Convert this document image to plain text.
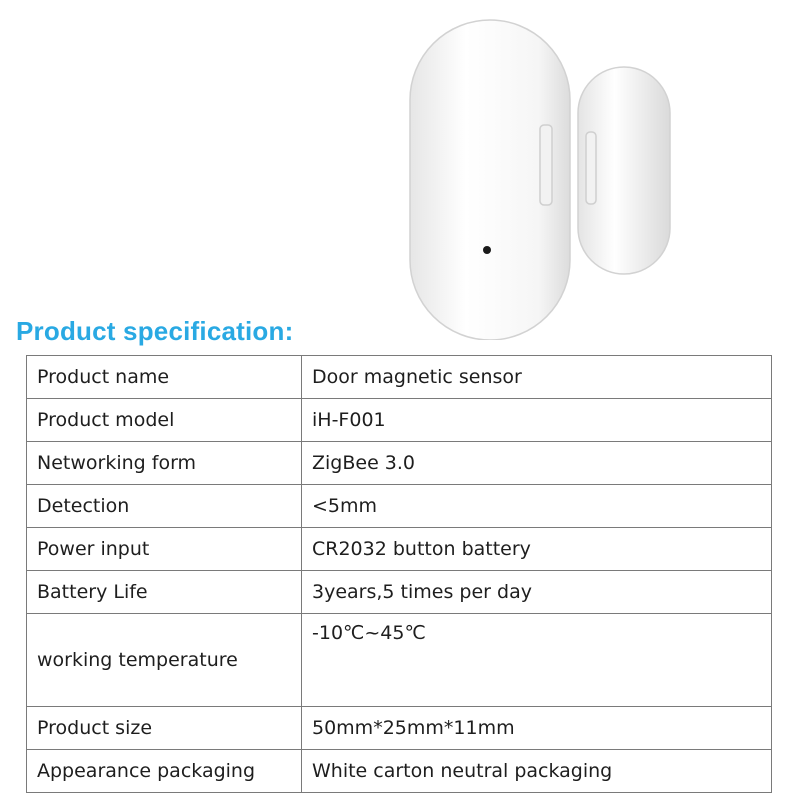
Product specification:
Product name	Door magnetic sensor
Product model	iH-F001
Networking form	ZigBee 3.0
Detection	<5mm
Power input	CR2032 button battery
Battery Life	3years,5 times per day
working temperature	-10℃~45℃
Product size	50mm*25mm*11mm
Appearance packaging	White carton neutral packaging
